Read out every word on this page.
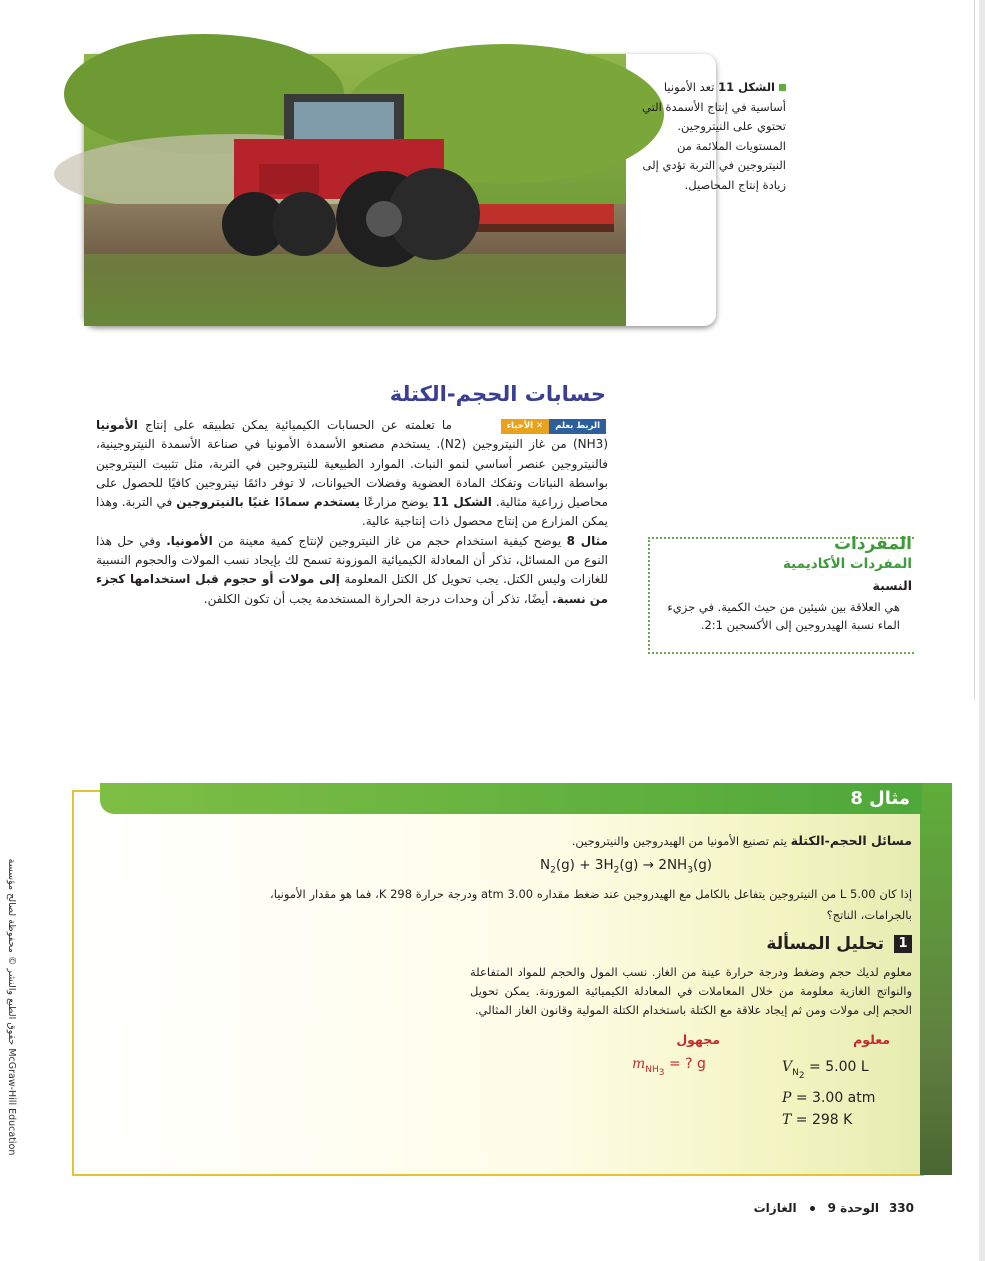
الشكل 11 تعد الأمونيا أساسية في إنتاج الأسمدة التي تحتوي على النيتروجين. المستويات الملائمة من النيتروجين في التربة تؤدي إلى زيادة إنتاج المحاصيل.
حسابات الحجم-الكتلة
الربط بعلم
✕
الأحياء

ما تعلمته عن الحسابات الكيميائية يمكن تطبيقه على إنتاج الأمونيا (NH3) من غاز النيتروجين (N2). يستخدم مصنعو الأسمدة الأمونيا في صناعة الأسمدة النيتروجينية، فالنيتروجين عنصر أساسي لنمو النبات. الموارد الطبيعية للنيتروجين في التربة، مثل تثبيت النيتروجين بواسطة النباتات وتفكك المادة العضوية وفضلات الحيوانات، لا توفر دائمًا نيتروجين كافيًا للحصول على محاصيل زراعية مثالية. الشكل 11 يوضح مزارعًا يستخدم سمادًا غنيًا بالنيتروجين في التربة. وهذا يمكن المزارع من إنتاج محصول ذات إنتاجية عالية.

مثال 8 يوضح كيفية استخدام حجم من غاز النيتروجين لإنتاج كمية معينة من الأمونيا. وفي حل هذا النوع من المسائل، تذكر أن المعادلة الكيميائية الموزونة تسمح لك بإيجاد نسب المولات والحجوم النسبية للغازات وليس الكتل. يجب تحويل كل الكتل المعلومة إلى مولات أو حجوم قبل استخدامها كجزء من نسبة. أيضًا، تذكر أن وحدات درجة الحرارة المستخدمة يجب أن تكون الكلفن.

المفردات
المفردات الأكاديمية
النسبة
هي العلاقة بين شيئين من حيث الكمية. في جزيء الماء نسبة الهيدروجين إلى الأكسجين 2:1.
مثال 8
مسائل الحجم-الكتلة يتم تصنيع الأمونيا من الهيدروجين والنيتروجين.
$N_2(g) + 3H_2(g) \to 2NH_3(g)$
إذا كان 5.00 L من النيتروجين يتفاعل بالكامل مع الهيدروجين عند ضغط مقداره 3.00 atm ودرجة حرارة 298 K، فما هو مقدار الأمونيا، بالجرامات، الناتج؟
1
تحليل المسألة
معلوم لديك حجم وضغط ودرجة حرارة عينة من الغاز. نسب المول والحجم للمواد المتفاعلة والنواتج الغازية معلومة من خلال المعاملات في المعادلة الكيميائية الموزونة. يمكن تحويل الحجم إلى مولات ومن ثم إيجاد علاقة مع الكتلة باستخدام الكتلة المولية وقانون الغاز المثالي.
معلوم
مجهول
$V_{N_2} = 5.00$ L
P = 3.00 atm
T = 298 K
$m_{NH_3}$ = ? g
حقوق الطبع والنشر © محفوظة لصالح مؤسسة McGraw-Hill Education
330
الوحدة 9
الغازات
